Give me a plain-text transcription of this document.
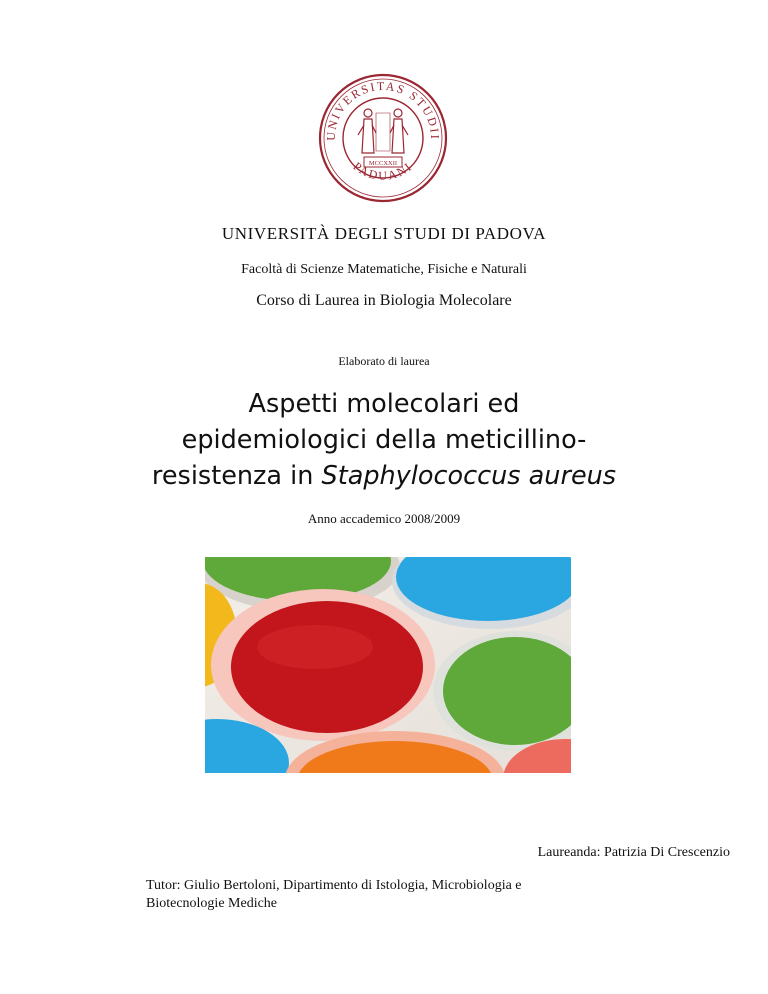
UNIVERSITAS STUDII
PADUANI
MCCXXII
UNIVERSITÀ DEGLI STUDI DI PADOVA
Facoltà di Scienze Matematiche, Fisiche e Naturali
Corso di Laurea in Biologia Molecolare
Elaborato di laurea
Aspetti molecolari ed
epidemiologici della meticillino-
resistenza in Staphylococcus aureus
Anno accademico 2008/2009
Laureanda: Patrizia Di Crescenzio
Tutor: Giulio Bertoloni, Dipartimento di Istologia, Microbiologia e
Biotecnologie Mediche
